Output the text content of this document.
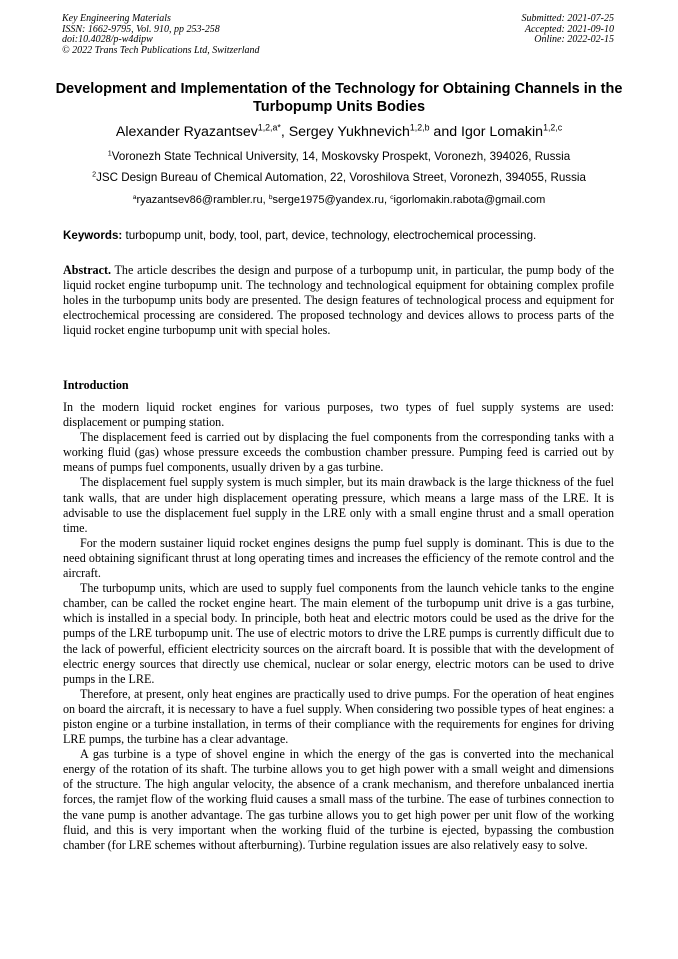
Key Engineering Materials
ISSN: 1662-9795, Vol. 910, pp 253-258
doi:10.4028/p-w4dipw
© 2022 Trans Tech Publications Ltd, Switzerland
Submitted: 2021-07-25
Accepted: 2021-09-10
Online: 2022-02-15
Development and Implementation of the Technology for Obtaining Channels in the Turbopump Units Bodies
Alexander Ryazantsev$^{1,2,a*}$, Sergey Yukhnevich$^{1,2,b}$ and Igor Lomakin$^{1,2,c}$
$^1$Voronezh State Technical University, 14, Moskovsky Prospekt, Voronezh, 394026, Russia
$^2$JSC Design Bureau of Chemical Automation, 22, Voroshilova Street, Voronezh, 394055, Russia
$^a$ryazantsev86@rambler.ru, $^b$serge1975@yandex.ru, $^c$igorlomakin.rabota@gmail.com
Keywords: turbopump unit, body, tool, part, device, technology, electrochemical processing.

Abstract. The article describes the design and purpose of a turbopump unit, in particular, the pump body of the liquid rocket engine turbopump unit. The technology and technological equipment for obtaining complex profile holes in the turbopump units body are presented. The design features of technological process and equipment for electrochemical processing are considered. The proposed technology and devices allows to process parts of the liquid rocket engine turbopump unit with special holes.

Introduction

In the modern liquid rocket engines for various purposes, two types of fuel supply systems are used: displacement or pumping station.

The displacement feed is carried out by displacing the fuel components from the corresponding tanks with a working fluid (gas) whose pressure exceeds the combustion chamber pressure. Pumping feed is carried out by means of pumps fuel components, usually driven by a gas turbine.

The displacement fuel supply system is much simpler, but its main drawback is the large thickness of the fuel tank walls, that are under high displacement operating pressure, which means a large mass of the LRE. It is advisable to use the displacement fuel supply in the LRE only with a small engine thrust and a small operation time.

For the modern sustainer liquid rocket engines designs the pump fuel supply is dominant. This is due to the need obtaining significant thrust at long operating times and increases the efficiency of the remote control and the aircraft.

The turbopump units, which are used to supply fuel components from the launch vehicle tanks to the engine chamber, can be called the rocket engine heart. The main element of the turbopump unit drive is a gas turbine, which is installed in a special body. In principle, both heat and electric motors could be used as the drive for the pumps of the LRE turbopump unit. The use of electric motors to drive the LRE pumps is currently difficult due to the lack of powerful, efficient electricity sources on the aircraft board. It is possible that with the development of electric energy sources that directly use chemical, nuclear or solar energy, electric motors can be used to drive pumps in the LRE.

Therefore, at present, only heat engines are practically used to drive pumps. For the operation of heat engines on board the aircraft, it is necessary to have a fuel supply. When considering two possible types of heat engines: a piston engine or a turbine installation, in terms of their compliance with the requirements for engines for driving LRE pumps, the turbine has a clear advantage.

A gas turbine is a type of shovel engine in which the energy of the gas is converted into the mechanical energy of the rotation of its shaft. The turbine allows you to get high power with a small weight and dimensions of the structure. The high angular velocity, the absence of a crank mechanism, and therefore unbalanced inertia forces, the ramjet flow of the working fluid causes a small mass of the turbine. The ease of turbines connection to the vane pump is another advantage. The gas turbine allows you to get high power per unit flow of the working fluid, and this is very important when the working fluid of the turbine is ejected, bypassing the combustion chamber (for LRE schemes without afterburning). Turbine regulation issues are also relatively easy to solve.
